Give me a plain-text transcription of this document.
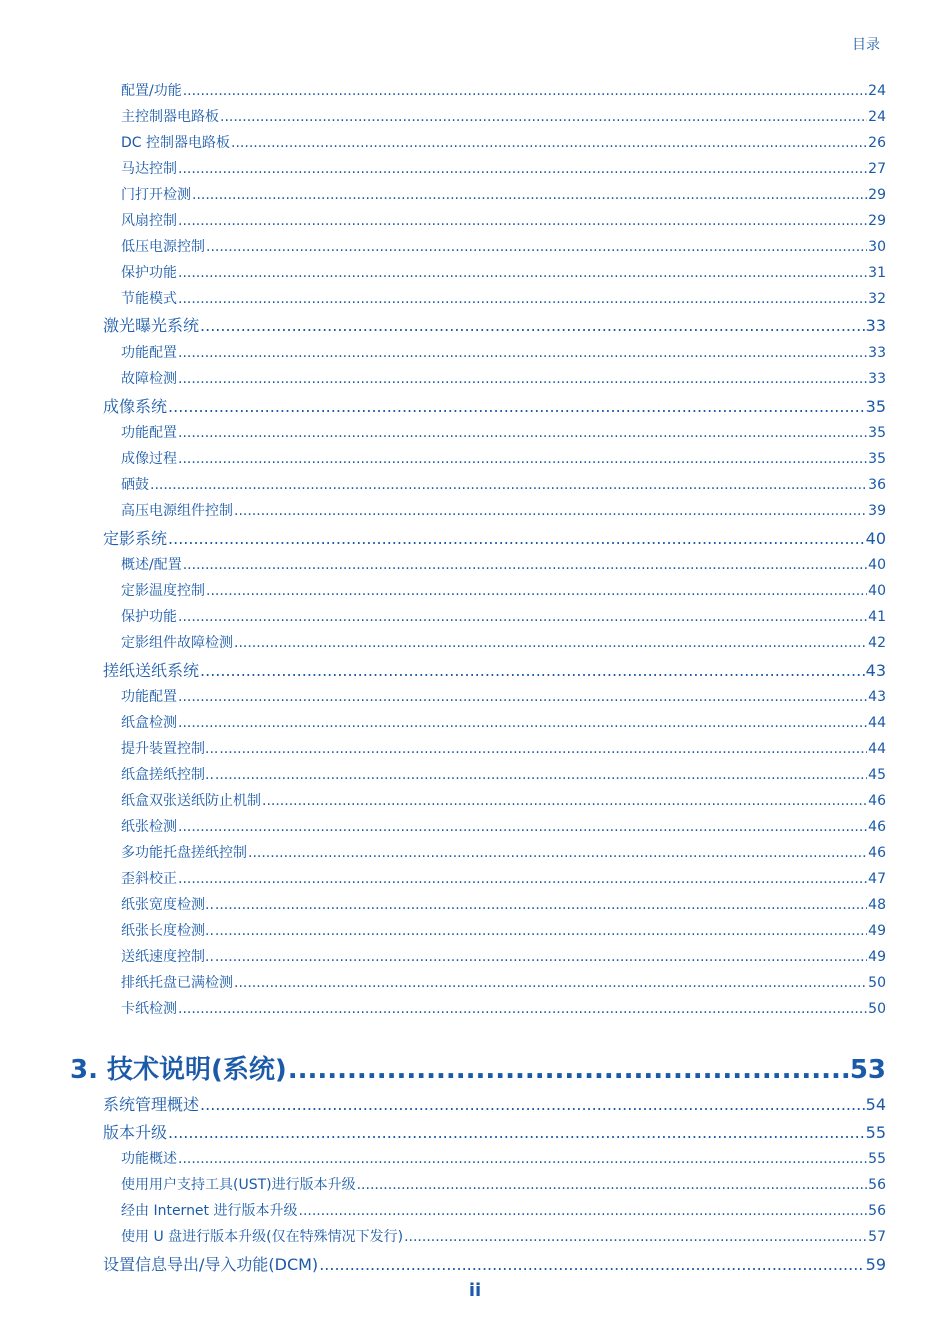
目录
配置/功能 .....	24
主控制器电路板 .....	24
DC 控制器电路板 .....	26
马达控制 .....	27
门打开检测 .....	29
风扇控制 .....	29
低压电源控制 .....	30
保护功能 .....	31
节能模式 .....	32
激光曝光系统 .....	33
功能配置 .....	33
故障检测 .....	33
成像系统 .....	35
功能配置 .....	35
成像过程 .....	35
硒鼓 .....	36
高压电源组件控制 .....	39
定影系统 .....	40
概述/配置 .....	40
定影温度控制 .....	40
保护功能 .....	41
定影组件故障检测 .....	42
搓纸送纸系统 .....	43
功能配置 .....	43
纸盒检测 .....	44
提升装置控制... .....	44
纸盒搓纸控制.. .....	45
纸盒双张送纸防止机制 .....	46
纸张检测 .....	46
多功能托盘搓纸控制 .....	46
歪斜校正 .....	47
纸张宽度检测.. .....	48
纸张长度检测.. .....	49
送纸速度控制.. .....	49
排纸托盘已满检测 .....	50
卡纸检测 .....	50
3. 技术说明(系统) .....	53
系统管理概述 .....	54
版本升级 .....	55
功能概述 .....	55
使用用户支持工具(UST)进行版本升级 .....	56
经由 Internet 进行版本升级 .....	56
使用 U 盘进行版本升级(仅在特殊情况下发行) .....	57
设置信息导出/导入功能(DCM) .....	59
ii
